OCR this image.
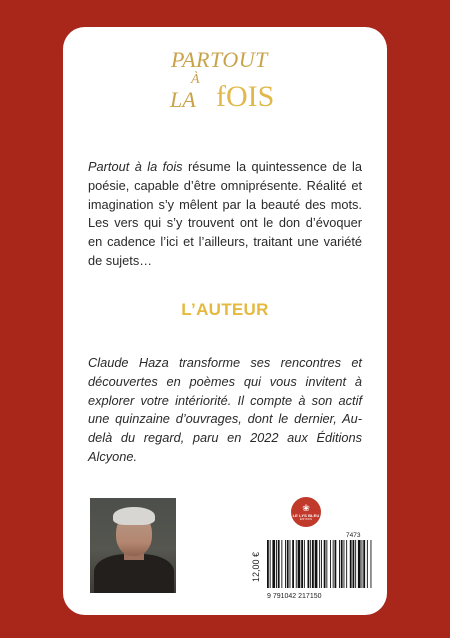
PARTOUT
À
LA fOIS

Partout à la fois résume la quintessence de la poésie, capable d’être omniprésente. Réalité et imagination s’y mêlent par la beauté des mots. Les vers qui s’y trouvent ont le don d’évoquer en cadence l’ici et l’ailleurs, traitant une variété de sujets…

L’AUTEUR

Claude Haza transforme ses rencontres et découvertes en poèmes qui vous invitent à explorer votre intériorité. Il compte à son actif une quinzaine d’ouvrages, dont le dernier, Au-delà du regard, paru en 2022 aux Éditions Alcyone.

❀
LE LYS BLEU
ÉDITIONS
7473
12,00 €
9 791042 217150
